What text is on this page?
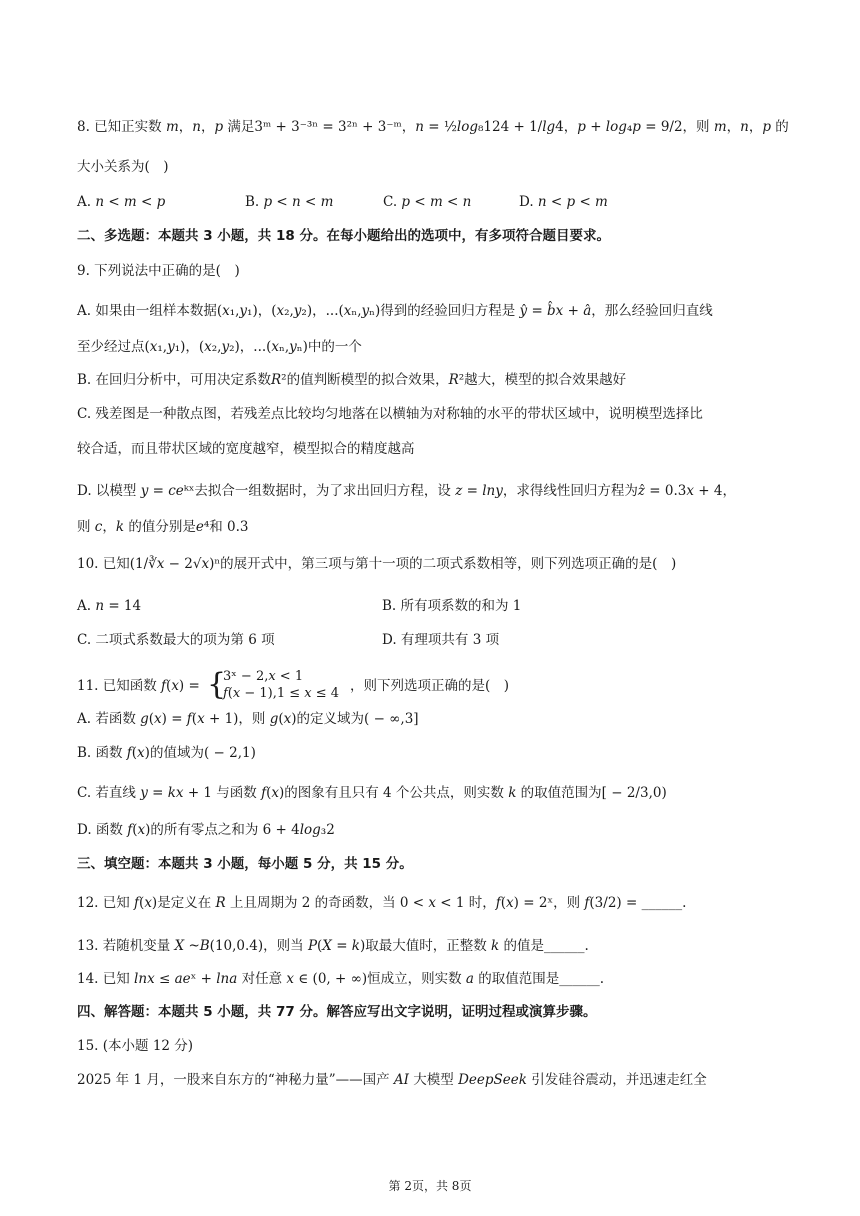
8. 已知正实数 𝑚，𝑛，𝑝 满足3ᵐ + 3⁻³ⁿ = 3²ⁿ + 3⁻ᵐ，𝑛 = ½𝑙𝑜𝑔₈124 + 1/𝑙𝑔4，𝑝 + 𝑙𝑜𝑔₄𝑝 = 9/2，则 𝑚，𝑛，𝑝 的
大小关系为(　)
A. 𝑛 < 𝑚 < 𝑝	B. 𝑝 < 𝑛 < 𝑚	C. 𝑝 < 𝑚 < 𝑛	D. 𝑛 < 𝑝 < 𝑚
二、多选题：本题共 3 小题，共 18 分。在每小题给出的选项中，有多项符合题目要求。
9. 下列说法中正确的是(　)
A. 如果由一组样本数据(𝑥₁,𝑦₁)，(𝑥₂,𝑦₂)，...(𝑥ₙ,𝑦ₙ)得到的经验回归方程是 𝑦̂ = 𝑏̂𝑥 + 𝑎̂，那么经验回归直线
至少经过点(𝑥₁,𝑦₁)，(𝑥₂,𝑦₂)，...(𝑥ₙ,𝑦ₙ)中的一个
B. 在回归分析中，可用决定系数𝑅²的值判断模型的拟合效果，𝑅²越大，模型的拟合效果越好
C. 残差图是一种散点图，若残差点比较均匀地落在以横轴为对称轴的水平的带状区域中，说明模型选择比
较合适，而且带状区域的宽度越窄，模型拟合的精度越高
D. 以模型 𝑦 = 𝑐𝑒ᵏˣ去拟合一组数据时，为了求出回归方程，设 𝑧 = 𝑙𝑛𝑦，求得线性回归方程为𝑧̂ = 0.3𝑥 + 4，
则 𝑐，𝑘 的值分别是𝑒⁴和 0.3
10. 已知(1/∛𝑥 − 2√𝑥)ⁿ的展开式中，第三项与第十一项的二项式系数相等，则下列选项正确的是(　)
A. 𝑛 = 14	B. 所有项系数的和为 1
C. 二项式系数最大的项为第 6 项	D. 有理项共有 3 项
11. 已知函数 𝑓(𝑥) = {
3ˣ − 2,𝑥 < 1
𝑓(𝑥 − 1),1 ≤ 𝑥 ≤ 4 ，则下列选项正确的是(　)
A. 若函数 𝑔(𝑥) = 𝑓(𝑥 + 1)，则 𝑔(𝑥)的定义域为( − ∞,3]
B. 函数 𝑓(𝑥)的值域为( − 2,1)
C. 若直线 𝑦 = 𝑘𝑥 + 1 与函数 𝑓(𝑥)的图象有且只有 4 个公共点，则实数 𝑘 的取值范围为[ − 2/3,0)
D. 函数 𝑓(𝑥)的所有零点之和为 6 + 4𝑙𝑜𝑔₃2
三、填空题：本题共 3 小题，每小题 5 分，共 15 分。
12. 已知 𝑓(𝑥)是定义在 𝑅 上且周期为 2 的奇函数，当 0 < 𝑥 < 1 时，𝑓(𝑥) = 2ˣ，则 𝑓(3/2) = ______.
13. 若随机变量 𝑋 ~𝐵(10,0.4)，则当 𝑃(𝑋 = 𝑘)取最大值时，正整数 𝑘 的值是______.
14. 已知 𝑙𝑛𝑥 ≤ 𝑎𝑒ˣ + 𝑙𝑛𝑎 对任意 𝑥 ∈ (0, + ∞)恒成立，则实数 𝑎 的取值范围是______.
四、解答题：本题共 5 小题，共 77 分。解答应写出文字说明，证明过程或演算步骤。
15. (本小题 12 分)
2025 年 1 月，一股来自东方的“神秘力量”——国产 𝐴𝐼 大模型 𝐷𝑒𝑒𝑝𝑆𝑒𝑒𝑘 引发硅谷震动，并迅速走红全
第 2页，共 8页
